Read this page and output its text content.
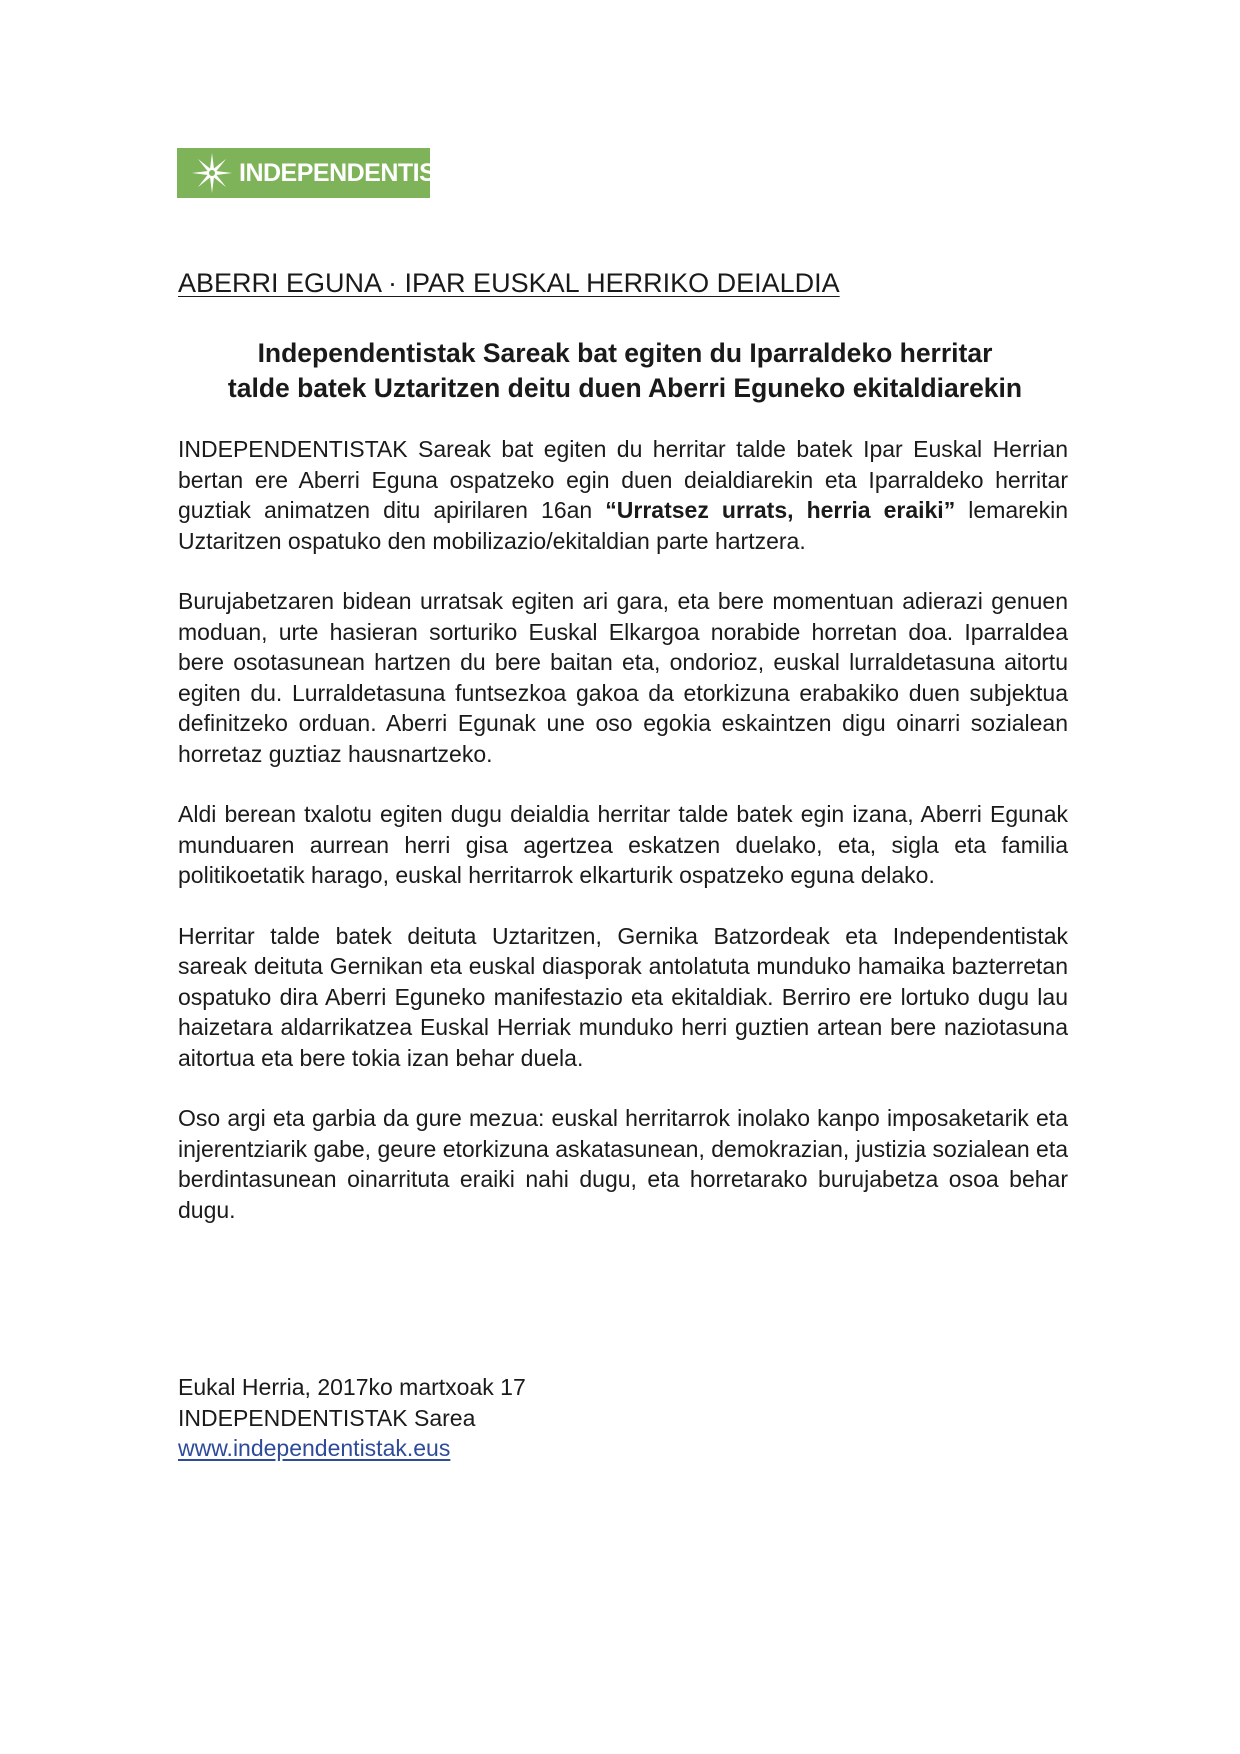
INDEPENDENTISTAK
ABERRI EGUNA · IPAR EUSKAL HERRIKO DEIALDIA
Independentistak Sareak bat egiten du Iparraldeko herritar
talde batek Uztaritzen deitu duen Aberri Eguneko ekitaldiarekin

INDEPENDENTISTAK Sareak bat egiten du herritar talde batek Ipar Euskal Herrian bertan ere Aberri Eguna ospatzeko egin duen deialdiarekin eta Iparraldeko herritar guztiak animatzen ditu apirilaren 16an “Urratsez urrats, herria eraiki” lemarekin Uztaritzen ospatuko den mobilizazio/ekitaldian parte hartzera.

Burujabetzaren bidean urratsak egiten ari gara, eta bere momentuan adierazi genuen moduan, urte hasieran sorturiko Euskal Elkargoa norabide horretan doa. Iparraldea bere osotasunean hartzen du bere baitan eta, ondorioz, euskal lurraldetasuna aitortu egiten du. Lurraldetasuna funtsezkoa gakoa da etorkizuna erabakiko duen subjektua definitzeko orduan. Aberri Egunak une oso egokia eskaintzen digu oinarri sozialean horretaz guztiaz hausnartzeko.

Aldi berean txalotu egiten dugu deialdia herritar talde batek egin izana, Aberri Egunak munduaren aurrean herri gisa agertzea eskatzen duelako, eta, sigla eta familia politikoetatik harago, euskal herritarrok elkarturik ospatzeko eguna delako.

Herritar talde batek deituta Uztaritzen, Gernika Batzordeak eta Independentistak sareak deituta Gernikan eta euskal diasporak antolatuta munduko hamaika bazterretan ospatuko dira Aberri Eguneko manifestazio eta ekitaldiak. Berriro ere lortuko dugu lau haizetara aldarrikatzea Euskal Herriak munduko herri guztien artean bere naziotasuna aitortua eta bere tokia izan behar duela.

Oso argi eta garbia da gure mezua: euskal herritarrok inolako kanpo imposaketarik eta injerentziarik gabe, geure etorkizuna askatasunean, demokrazian, justizia sozialean eta berdintasunean oinarrituta eraiki nahi dugu, eta horretarako burujabetza osoa behar dugu.

Eukal Herria, 2017ko martxoak 17
INDEPENDENTISTAK Sarea
www.independentistak.eus
